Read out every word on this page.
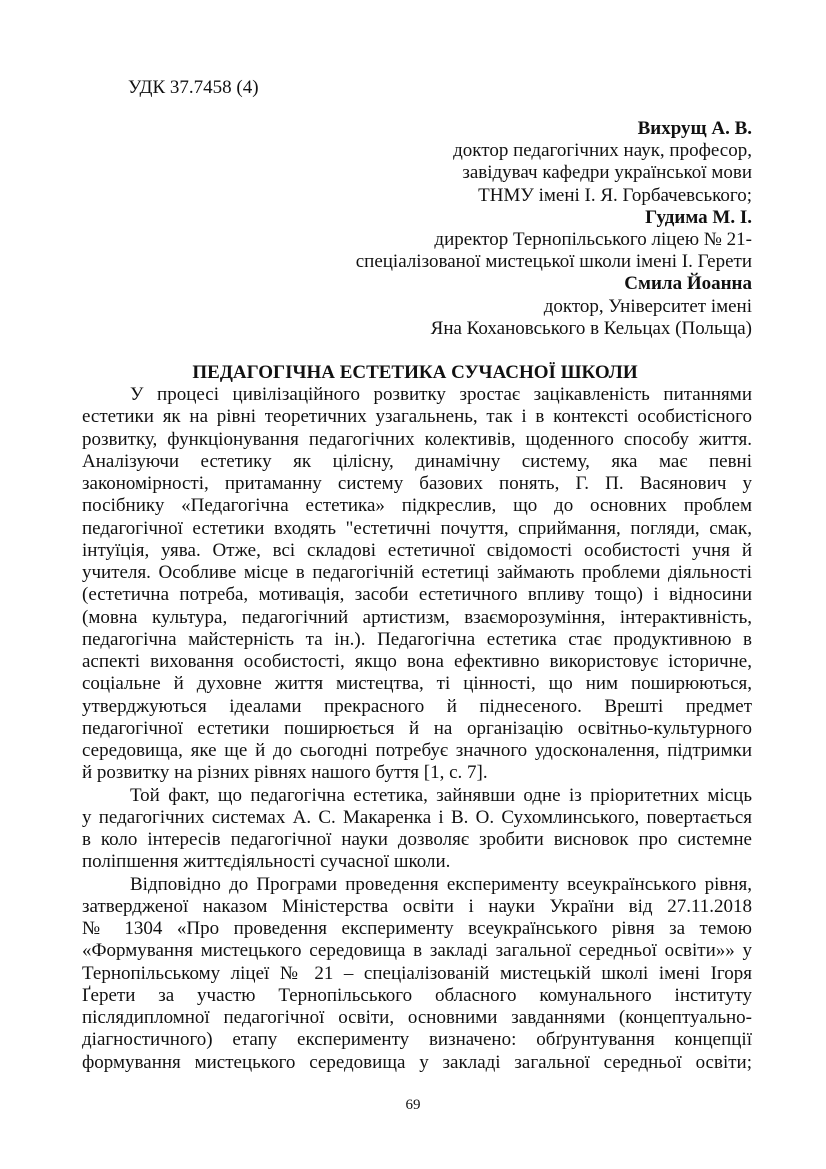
УДК 37.7458 (4)
Вихрущ А. В.
доктор педагогічних наук, професор,
завідувач кафедри української мови
ТНМУ імені І. Я. Горбачевського;
Гудима М. І.
директор Тернопільського ліцею № 21-
спеціалізованої мистецької школи імені І. Герети
Смила Йоанна
доктор, Університет імені
Яна Кохановського в Кельцах (Польща)
ПЕДАГОГІЧНА ЕСТЕТИКА СУЧАСНОЇ ШКОЛИ
У процесі цивілізаційного розвитку зростає зацікавленість питаннями
естетики як на рівні теоретичних узагальнень, так і в контексті особистісного
розвитку, функціонування педагогічних колективів, щоденного способу життя.
Аналізуючи естетику як цілісну, динамічну систему, яка має певні
закономірності, притаманну систему базових понять, Г. П. Васянович у
посібнику «Педагогічна естетика» підкреслив, що до основних проблем
педагогічної естетики входять "естетичні почуття, сприймання, погляди, смак,
інтуїція, уява. Отже, всі складові естетичної свідомості особистості учня й
учителя. Особливе місце в педагогічній естетиці займають проблеми діяльності
(естетична потреба, мотивація, засоби естетичного впливу тощо) і відносини
(мовна культура, педагогічний артистизм, взаєморозуміння, інтерактивність,
педагогічна майстерність та ін.). Педагогічна естетика стає продуктивною в
аспекті виховання особистості, якщо вона ефективно використовує історичне,
соціальне й духовне життя мистецтва, ті цінності, що ним поширюються,
утверджуються ідеалами прекрасного й піднесеного. Врешті предмет
педагогічної естетики поширюється й на організацію освітньо-культурного
середовища, яке ще й до сьогодні потребує значного удосконалення, підтримки
й розвитку на різних рівнях нашого буття [1, с. 7].
Той факт, що педагогічна естетика, зайнявши одне із пріоритетних місць
у педагогічних системах А. С. Макаренка і В. О. Сухомлинського, повертається
в коло інтересів педагогічної науки дозволяє зробити висновок про системне
поліпшення життєдіяльності сучасної школи.
Відповідно до Програми проведення експерименту всеукраїнського рівня,
затвердженої наказом Міністерства освіти і науки України від 27.11.2018
№ 1304 «Про проведення експерименту всеукраїнського рівня за темою
«Формування мистецького середовища в закладі загальної середньої освіти»» у
Тернопільському ліцеї № 21 – спеціалізованій мистецькій школі імені Ігоря
Ґерети за участю Тернопільського обласного комунального інституту
післядипломної педагогічної освіти, основними завданнями (концептуально-
діагностичного) етапу експерименту визначено: обґрунтування концепції
формування мистецького середовища у закладі загальної середньої освіти;
69
